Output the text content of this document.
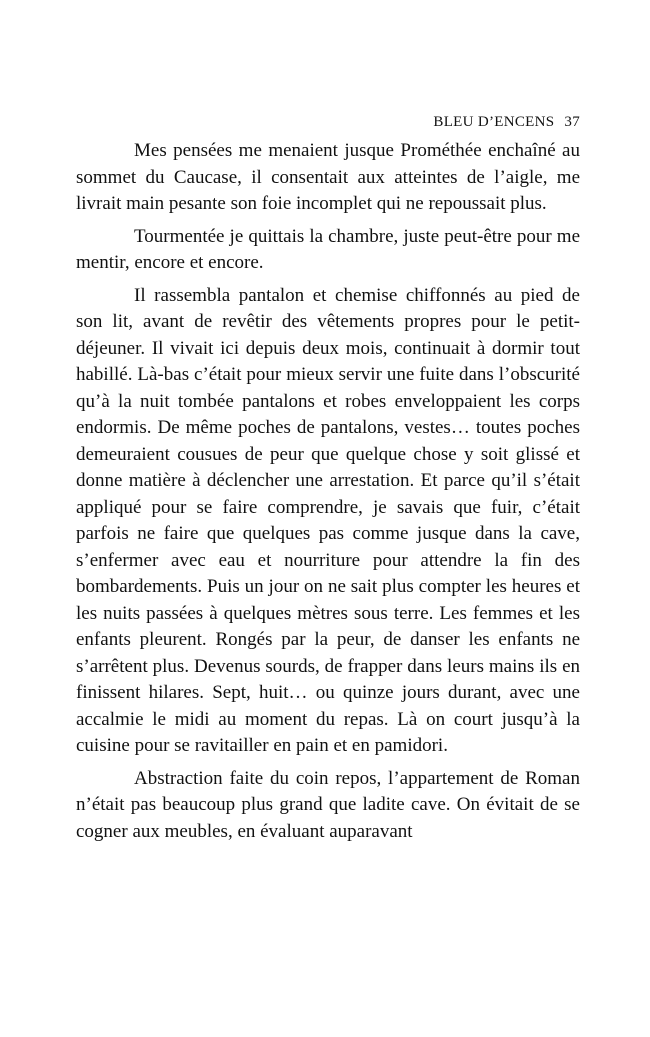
BLEU D’ENCENS 37

Mes pensées me menaient jusque Prométhée enchaîné au sommet du Caucase, il consentait aux atteintes de l’aigle, me livrait main pesante son foie incomplet qui ne repoussait plus.

Tourmentée je quittais la chambre, juste peut-être pour me mentir, encore et encore.

Il rassembla pantalon et chemise chiffonnés au pied de son lit, avant de revêtir des vêtements propres pour le petit-déjeuner. Il vivait ici depuis deux mois, continuait à dormir tout habillé. Là-bas c’était pour mieux servir une fuite dans l’obscurité qu’à la nuit tombée pantalons et robes enveloppaient les corps endormis. De même poches de pantalons, vestes… toutes poches demeuraient cousues de peur que quelque chose y soit glissé et donne matière à déclencher une arrestation. Et parce qu’il s’était appliqué pour se faire comprendre, je savais que fuir, c’était parfois ne faire que quelques pas comme jusque dans la cave, s’enfermer avec eau et nourriture pour attendre la fin des bombardements. Puis un jour on ne sait plus compter les heures et les nuits passées à quelques mètres sous terre. Les femmes et les enfants pleurent. Rongés par la peur, de danser les enfants ne s’arrêtent plus. Devenus sourds, de frapper dans leurs mains ils en finissent hilares. Sept, huit… ou quinze jours durant, avec une accalmie le midi au moment du repas. Là on court jusqu’à la cuisine pour se ravitailler en pain et en pamidori.

Abstraction faite du coin repos, l’appartement de Roman n’était pas beaucoup plus grand que ladite cave. On évitait de se cogner aux meubles, en évaluant auparavant
